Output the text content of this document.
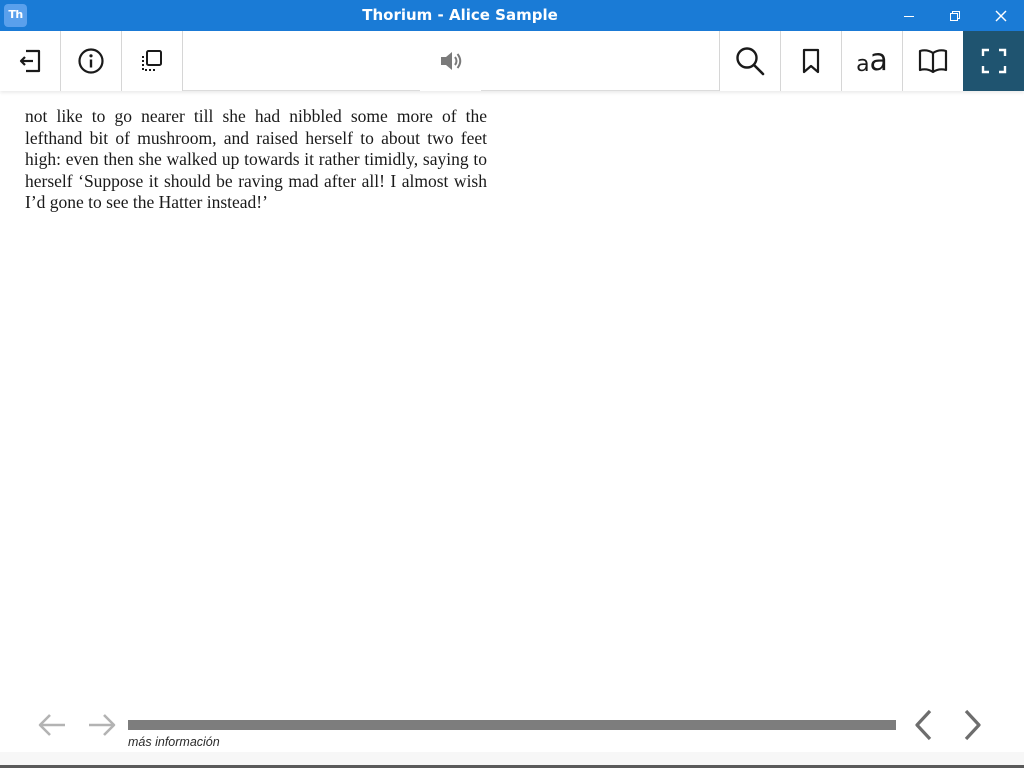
Th	Thorium - Alice Sample
a a

not like to go nearer till she had nibbled some more of the lefthand bit of mushroom, and raised herself to about two feet high: even then she walked up towards it rather timidly, saying to herself ‘Suppose it should be raving mad after all! I almost wish I’d gone to see the Hatter instead!’

más información
